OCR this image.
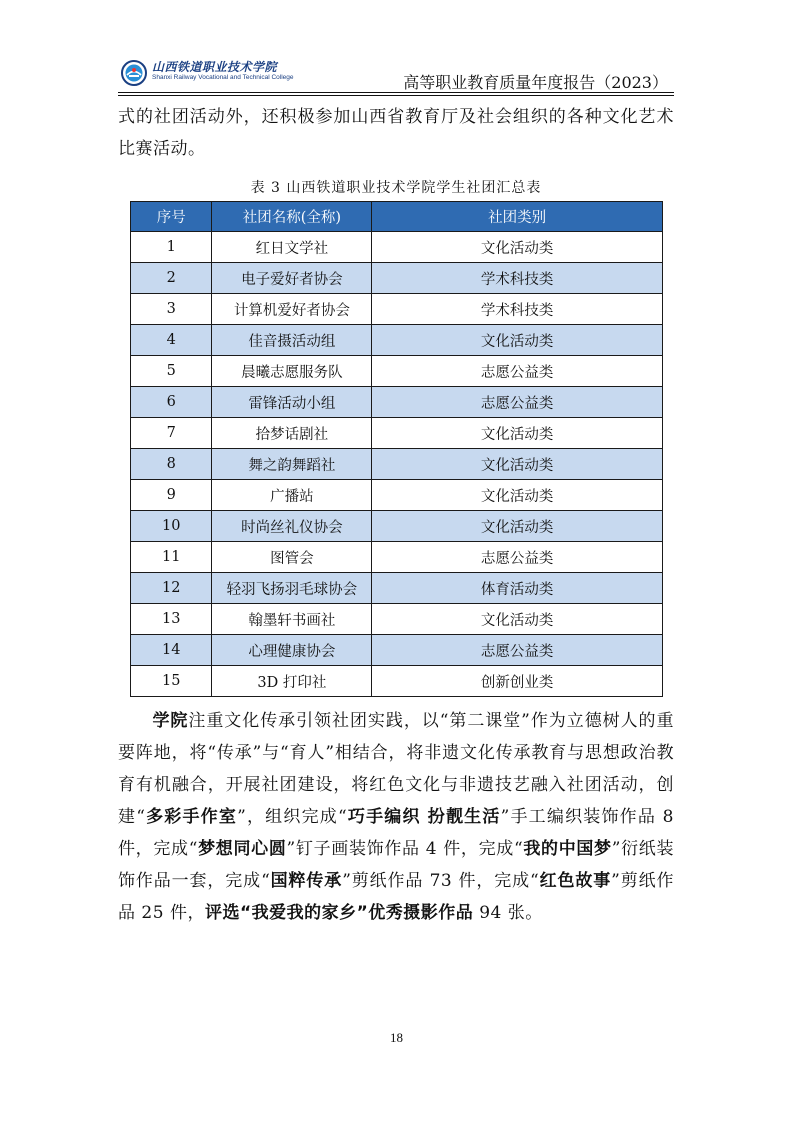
山西铁道职业技术学院
Shanxi Railway Vocational and Technical College	高等职业教育质量年度报告（2023）
式的社团活动外，还积极参加山西省教育厅及社会组织的各种文化艺术比赛活动。
表 3 山西铁道职业技术学院学生社团汇总表
序号	社团名称(全称)	社团类别
1	红日文学社	文化活动类
2	电子爱好者协会	学术科技类
3	计算机爱好者协会	学术科技类
4	佳音摄活动组	文化活动类
5	晨曦志愿服务队	志愿公益类
6	雷锋活动小组	志愿公益类
7	拾梦话剧社	文化活动类
8	舞之韵舞蹈社	文化活动类
9	广播站	文化活动类
10	时尚丝礼仪协会	文化活动类
11	图管会	志愿公益类
12	轻羽飞扬羽毛球协会	体育活动类
13	翰墨轩书画社	文化活动类
14	心理健康协会	志愿公益类
15	3D 打印社	创新创业类
学院注重文化传承引领社团实践，以“第二课堂”作为立德树人的重要阵地，将“传承”与“育人”相结合，将非遗文化传承教育与思想政治教育有机融合，开展社团建设，将红色文化与非遗技艺融入社团活动，创建“多彩手作室”，组织完成“巧手编织 扮靓生活”手工编织装饰作品 8 件，完成“梦想同心圆”钉子画装饰作品 4 件，完成“我的中国梦”衍纸装饰作品一套，完成“国粹传承”剪纸作品 73 件，完成“红色故事”剪纸作品 25 件，评选“我爱我的家乡”优秀摄影作品 94 张。
18
